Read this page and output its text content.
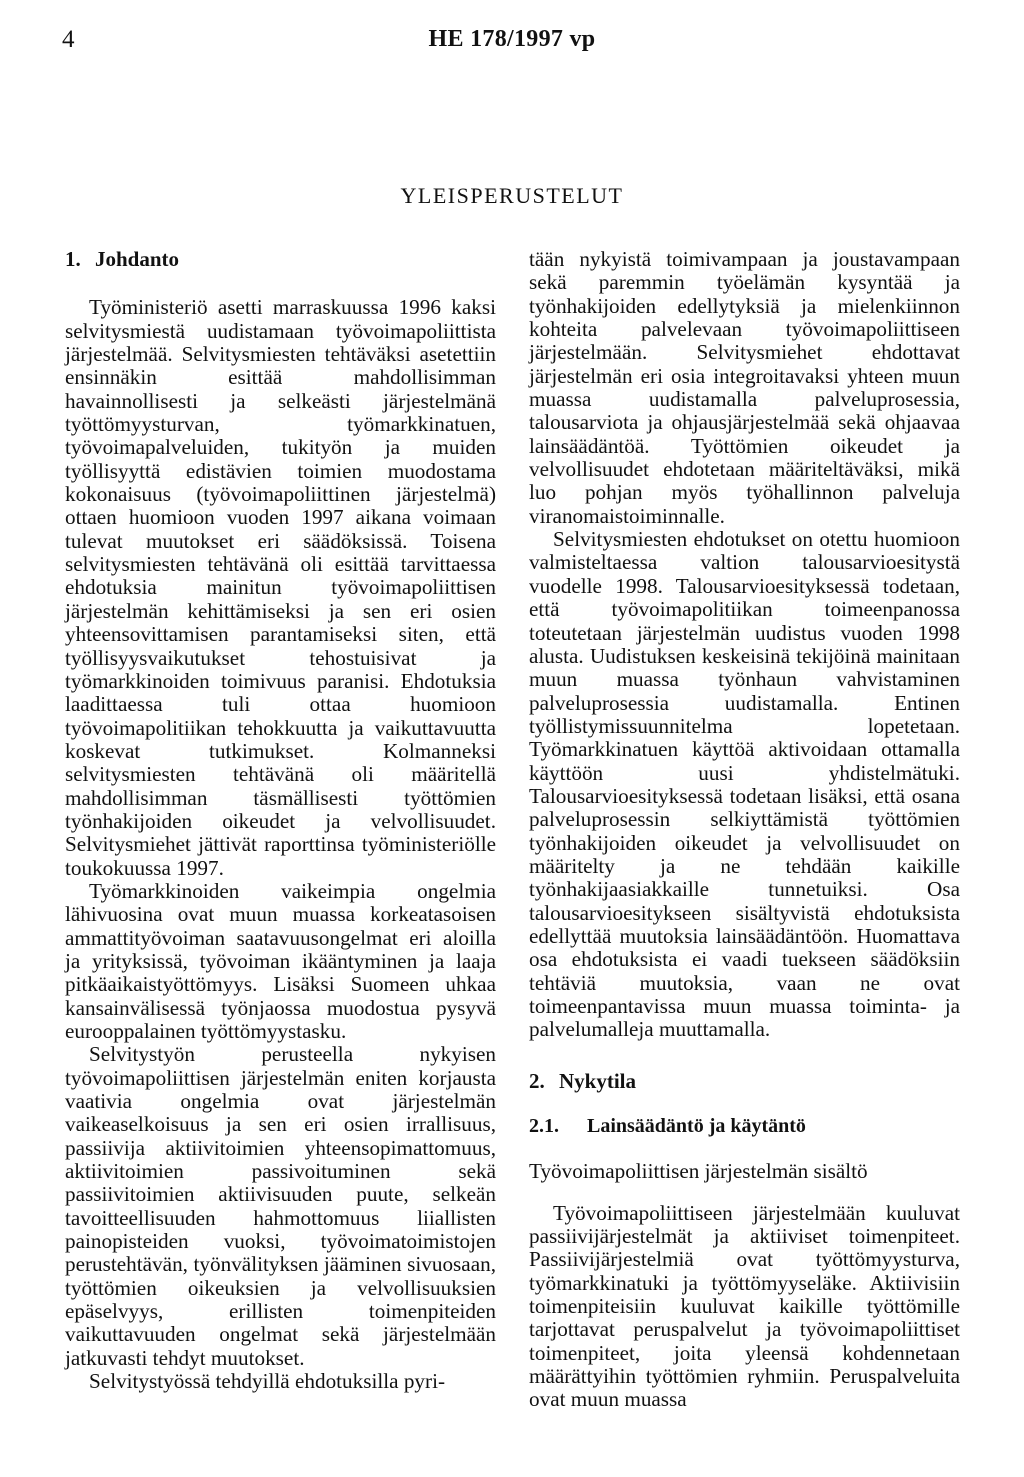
4	HE 178/1997 vp
YLEISPERUSTELUT
1. Johdanto

Työministeriö asetti marraskuussa 1996 kaksi selvitysmiestä uudistamaan työvoimapoliittista järjestelmää. Selvitysmiesten tehtäväksi asetettiin ensinnäkin esittää mahdollisimman havainnollisesti ja selkeästi järjestelmänä työttömyysturvan, työmarkkinatuen, työvoimapalveluiden, tukityön ja muiden työllisyyttä edistävien toimien muodostama kokonaisuus (työvoimapoliittinen järjestelmä) ottaen huomioon vuoden 1997 aikana voimaan tulevat muutokset eri säädöksissä. Toisena selvitysmiesten tehtävänä oli esittää tarvittaessa ehdotuksia mainitun työvoimapoliittisen järjestelmän kehittämiseksi ja sen eri osien yhteensovittamisen parantamiseksi siten, että työllisyysvaikutukset tehostuisivat ja työmarkkinoiden toimivuus paranisi. Ehdotuksia laadittaessa tuli ottaa huomioon työvoimapolitiikan tehokkuutta ja vaikuttavuutta koskevat tutkimukset. Kolmanneksi selvitysmiesten tehtävänä oli määritellä mahdollisimman täsmällisesti työttömien työnhakijoiden oikeudet ja velvollisuudet. Selvitysmiehet jättivät raporttinsa työministeriölle toukokuussa 1997.

Työmarkkinoiden vaikeimpia ongelmia lähivuosina ovat muun muassa korkeatasoisen ammattityövoiman saatavuusongelmat eri aloilla ja yrityksissä, työvoiman ikääntyminen ja laaja pitkäaikaistyöttömyys. Lisäksi Suomeen uhkaa kansainvälisessä työnjaossa muodostua pysyvä eurooppalainen työttömyystasku.

Selvitystyön perusteella nykyisen työvoimapoliittisen järjestelmän eniten korjausta vaativia ongelmia ovat järjestelmän vaikeaselkoisuus ja sen eri osien irrallisuus, passiivija aktiivitoimien yhteensopimattomuus, aktiivitoimien passivoituminen sekä passiivitoimien aktiivisuuden puute, selkeän tavoitteellisuuden hahmottomuus liiallisten painopisteiden vuoksi, työvoimatoimistojen perustehtävän, työnvälityksen jääminen sivuosaan, työttömien oikeuksien ja velvollisuuksien epäselvyys, erillisten toimenpiteiden vaikuttavuuden ongelmat sekä järjestelmään jatkuvasti tehdyt muutokset.

Selvitystyössä tehdyillä ehdotuksilla pyri-

tään nykyistä toimivampaan ja joustavampaan sekä paremmin työelämän kysyntää ja työnhakijoiden edellytyksiä ja mielenkiinnon kohteita palvelevaan työvoimapoliittiseen järjestelmään. Selvitysmiehet ehdottavat järjestelmän eri osia integroitavaksi yhteen muun muassa uudistamalla palveluprosessia, talousarviota ja ohjausjärjestelmää sekä ohjaavaa lainsäädäntöä. Työttömien oikeudet ja velvollisuudet ehdotetaan määriteltäväksi, mikä luo pohjan myös työhallinnon palveluja viranomaistoiminnalle.

Selvitysmiesten ehdotukset on otettu huomioon valmisteltaessa valtion talousarvioesitystä vuodelle 1998. Talousarvioesityksessä todetaan, että työvoimapolitiikan toimeenpanossa toteutetaan järjestelmän uudistus vuoden 1998 alusta. Uudistuksen keskeisinä tekijöinä mainitaan muun muassa työnhaun vahvistaminen palveluprosessia uudistamalla. Entinen työllistymissuunnitelma lopetetaan. Työmarkkinatuen käyttöä aktivoidaan ottamalla käyttöön uusi yhdistelmätuki. Talousarvioesityksessä todetaan lisäksi, että osana palveluprosessin selkiyttämistä työttömien työnhakijoiden oikeudet ja velvollisuudet on määritelty ja ne tehdään kaikille työnhakijaasiakkaille tunnetuiksi. Osa talousarvioesitykseen sisältyvistä ehdotuksista edellyttää muutoksia lainsäädäntöön. Huomattava osa ehdotuksista ei vaadi tuekseen säädöksiin tehtäviä muutoksia, vaan ne ovat toimeenpantavissa muun muassa toiminta- ja palvelumalleja muuttamalla.

2. Nykytila
2.1. Lainsäädäntö ja käytäntö
Työvoimapoliittisen järjestelmän sisältö

Työvoimapoliittiseen järjestelmään kuuluvat passiivijärjestelmät ja aktiiviset toimenpiteet. Passiivijärjestelmiä ovat työttömyysturva, työmarkkinatuki ja työttömyyseläke. Aktiivisiin toimenpiteisiin kuuluvat kaikille työttömille tarjottavat peruspalvelut ja työvoimapoliittiset toimenpiteet, joita yleensä kohdennetaan määrättyihin työttömien ryhmiin. Peruspalveluita ovat muun muassa
